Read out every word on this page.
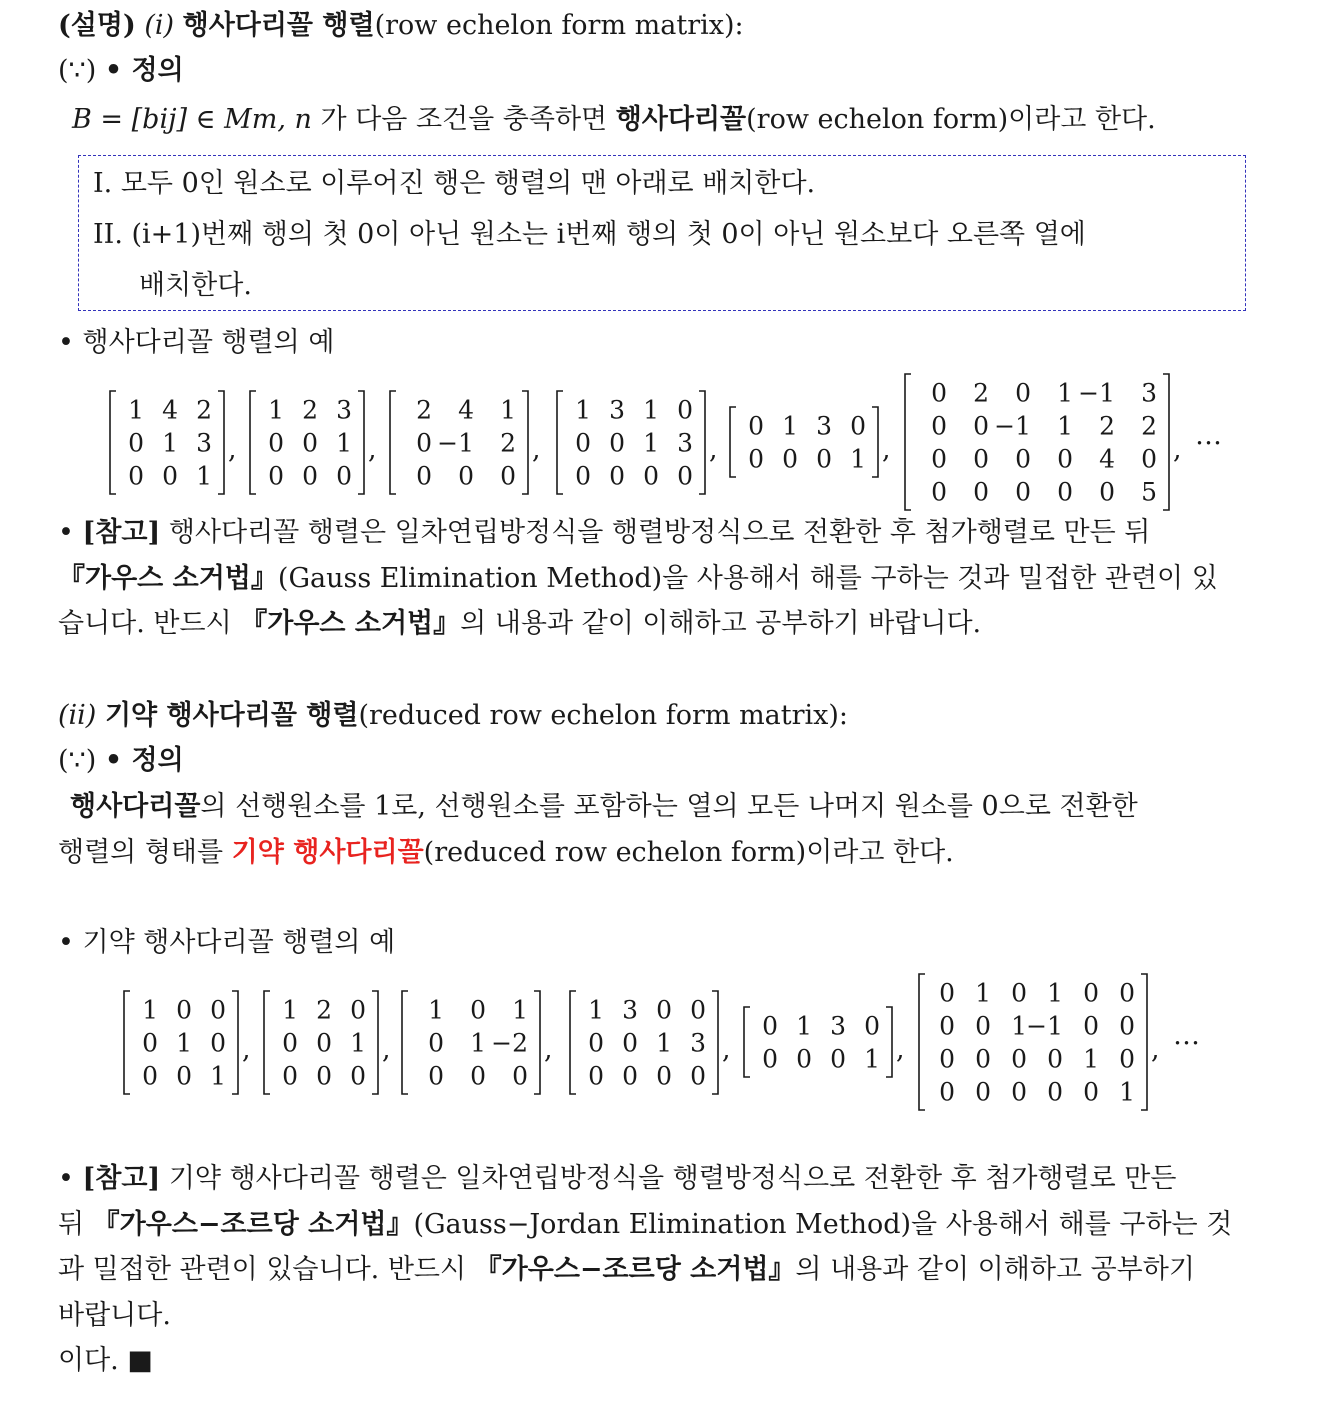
(설명) (i) 행사다리꼴 행렬(row echelon form matrix):
(∵) • 정의
B = [bij] ∈ Mm, n 가 다음 조건을 충족하면 행사다리꼴(row echelon form)이라고 한다.
I. 모두 0인 원소로 이루어진 행은 행렬의 맨 아래로 배치한다.
II. (i+1)번째 행의 첫 0이 아닌 원소는 i번째 행의 첫 0이 아닌 원소보다 오른쪽 열에
배치한다.
• 행사다리꼴 행렬의 예
1 4 2
0 1 3
0 0 1
,
1 2 3
0 0 1
0 0 0
,
2 4 1
0 −1 2
0 0 0
,
1 3 1 0
0 0 1 3
0 0 0 0
,
0 1 3 0
0 0 0 1 ,
0 2 0 1 −1 3
0 0 −1 1 2 2
0 0 0 0 4 0
0 0 0 0 0 5
, …
• [참고] 행사다리꼴 행렬은 일차연립방정식을 행렬방정식으로 전환한 후 첨가행렬로 만든 뒤
『가우스 소거법』(Gauss Elimination Method)을 사용해서 해를 구하는 것과 밀접한 관련이 있
습니다. 반드시 『가우스 소거법』의 내용과 같이 이해하고 공부하기 바랍니다.
(ii) 기약 행사다리꼴 행렬(reduced row echelon form matrix):
(∵) • 정의
행사다리꼴의 선행원소를 1로, 선행원소를 포함하는 열의 모든 나머지 원소를 0으로 전환한
행렬의 형태를 기약 행사다리꼴(reduced row echelon form)이라고 한다.
• 기약 행사다리꼴 행렬의 예
1 0 0
0 1 0
0 0 1
,
1 2 0
0 0 1
0 0 0
,
1 0 1
0 1 −2
0 0 0
,
1 3 0 0
0 0 1 3
0 0 0 0
,
0 1 3 0
0 0 0 1 ,
0 1 0 1 0 0
0 0 1 −1 0 0
0 0 0 0 1 0
0 0 0 0 0 1
, …
• [참고] 기약 행사다리꼴 행렬은 일차연립방정식을 행렬방정식으로 전환한 후 첨가행렬로 만든
뒤 『가우스−조르당 소거법』(Gauss−Jordan Elimination Method)을 사용해서 해를 구하는 것
과 밀접한 관련이 있습니다. 반드시 『가우스−조르당 소거법』의 내용과 같이 이해하고 공부하기
바랍니다.
이다. ■
